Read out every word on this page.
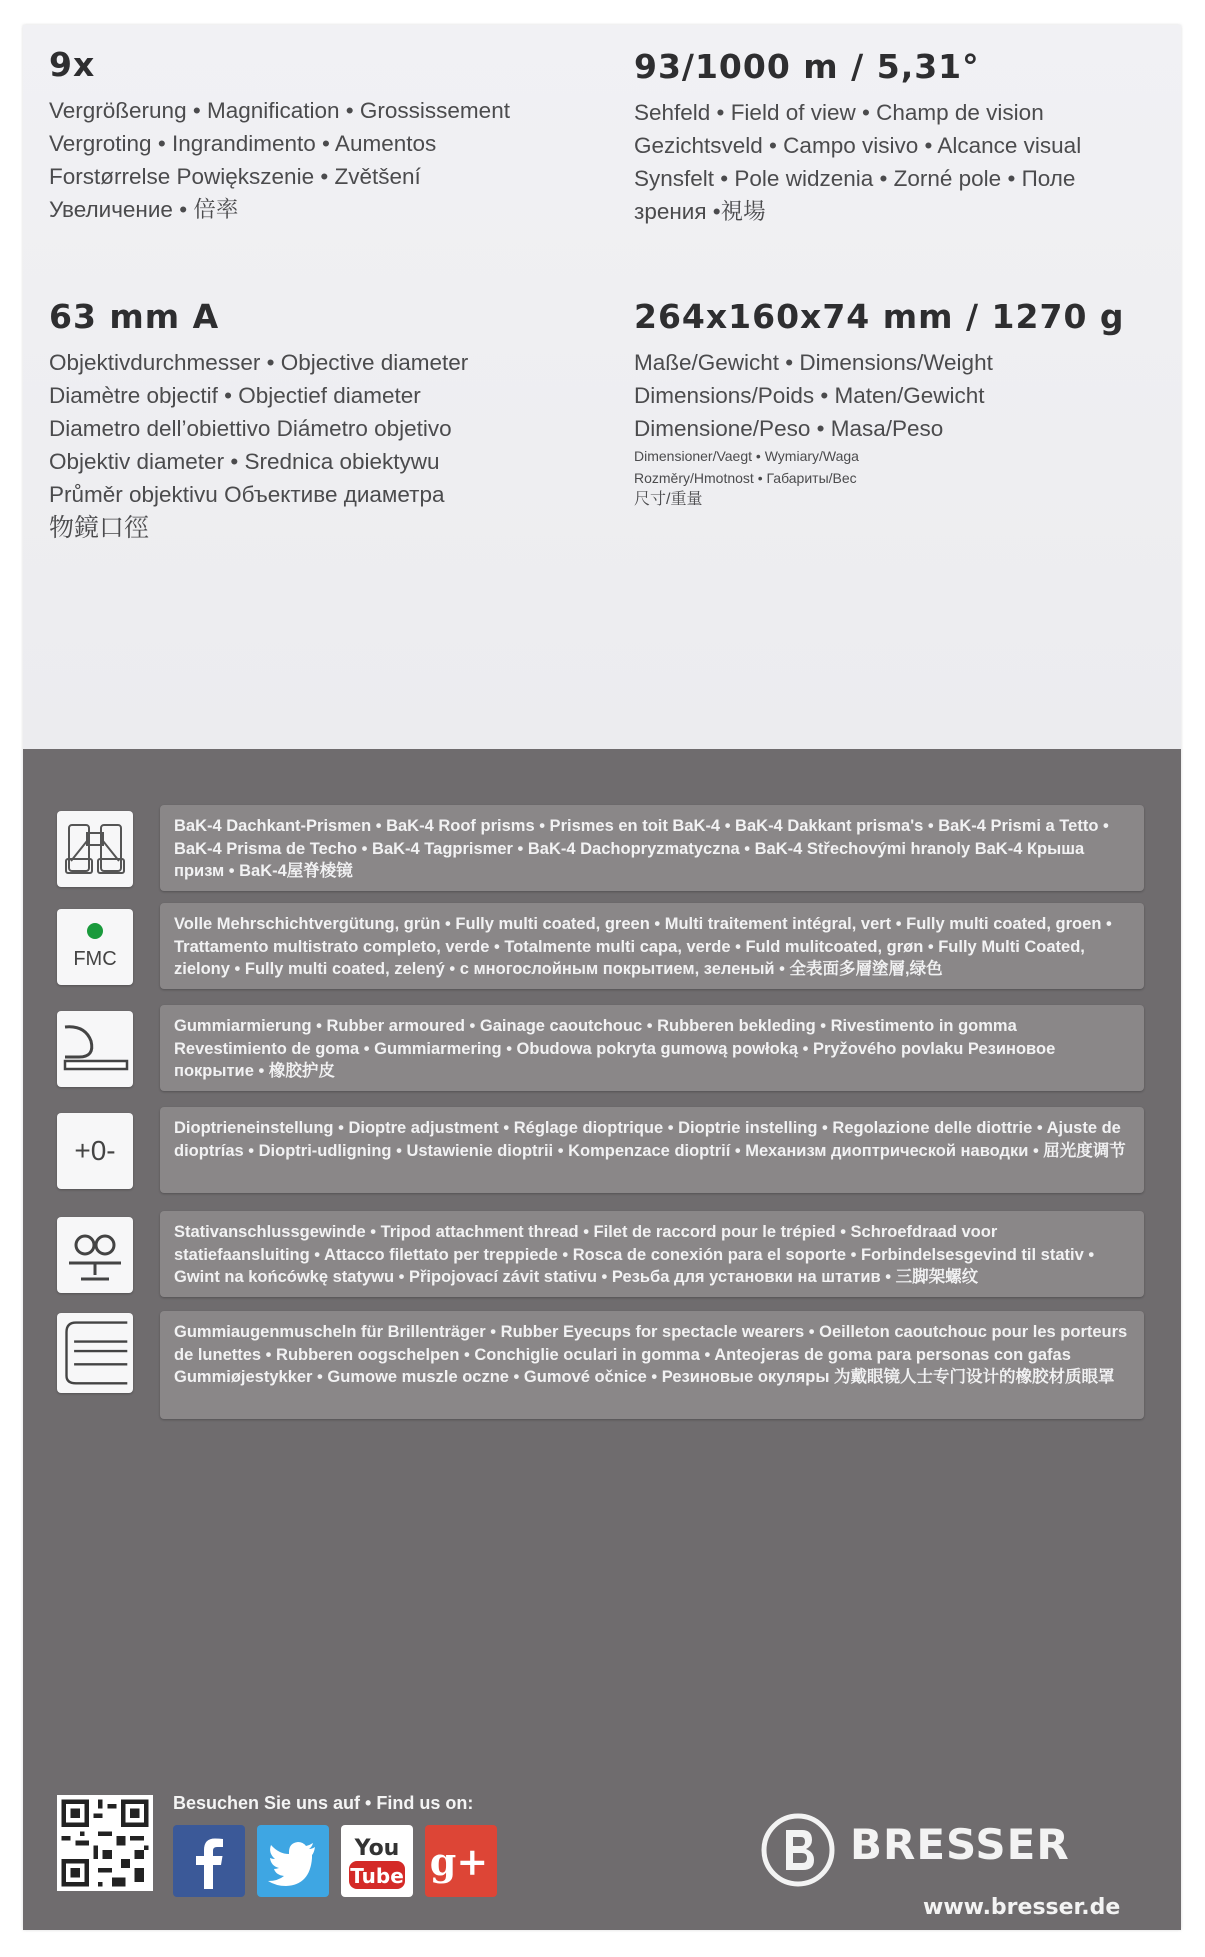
9x
Vergrößerung • Magnification • Grossissement
Vergroting • Ingrandimento • Aumentos
Forstørrelse Powiększenie • Zvětšení
Увеличение • 倍率
93/1000 m / 5,31°
Sehfeld • Field of view • Champ de vision
Gezichtsveld • Campo visivo • Alcance visual
Synsfelt • Pole widzenia • Zorné pole • Поле
зрения •視場
63 mm A
Objektivdurchmesser • Objective diameter
Diamètre objectif • Objectief diameter
Diametro dell’obiettivo Diámetro objetivo
Objektiv diameter • Srednica obiektywu
Průměr objektivu Объективе диаметра
物鏡口徑
264x160x74 mm / 1270 g
Maße/Gewicht • Dimensions/Weight
Dimensions/Poids • Maten/Gewicht
Dimensione/Peso • Masa/Peso
Dimensioner/Vaegt • Wymiary/Waga
Rozměry/Hmotnost • Габариты/Вес
尺寸/重量
BaK-4 Dachkant-Prismen • BaK-4 Roof prisms • Prismes en toit BaK-4 • BaK-4 Dakkant prisma's • BaK-4 Prismi a Tetto • BaK-4 Prisma de Techo • BaK-4 Tagprismer • BaK-4 Dachopryzmatyczna • BaK-4 Střechovými hranoly BaK-4 Крыша призм • BaK-4屋脊棱镜
FMC
Volle Mehrschichtvergütung, grün • Fully multi coated, green • Multi traitement intégral, vert • Fully multi coated, groen • Trattamento multistrato completo, verde • Totalmente multi capa, verde • Fuld mulitcoated, grøn • Fully Multi Coated, zielony • Fully multi coated, zelený • с многослойным покрытием, зеленый • 全表面多層塗層,绿色
Gummiarmierung • Rubber armoured • Gainage caoutchouc • Rubberen bekleding • Rivestimento in gomma Revestimiento de goma • Gummiarmering • Obudowa pokryta gumową powłoką • Pryžového povlaku Резиновое покрытие • 橡胶护皮
+0-
Dioptrieneinstellung • Dioptre adjustment • Réglage dioptrique • Dioptrie instelling • Regolazione delle diottrie • Ajuste de dioptrías • Dioptri-udligning • Ustawienie dioptrii • Kompenzace dioptrií • Механизм диоптрической наводки • 屈光度调节
Stativanschlussgewinde • Tripod attachment thread • Filet de raccord pour le trépied • Schroefdraad voor statiefaansluiting • Attacco filettato per treppiede • Rosca de conexión para el soporte • Forbindelsesgevind til stativ • Gwint na końcówkę statywu • Připojovací závit stativu • Резьба для установки на штатив • 三脚架螺纹
Gummiaugenmuscheln für Brillenträger • Rubber Eyecups for spectacle wearers • Oeilleton caoutchouc pour les porteurs de lunettes • Rubberen oogschelpen • Conchiglie oculari in gomma • Anteojeras de goma para personas con gafas Gummiøjestykker • Gumowe muszle oczne • Gumové očnice • Резиновые окуляры 为戴眼镜人士专门设计的橡胶材质眼罩
Besuchen Sie uns auf • Find us on:
You
Tube g+	BRESSER
www.bresser.de
